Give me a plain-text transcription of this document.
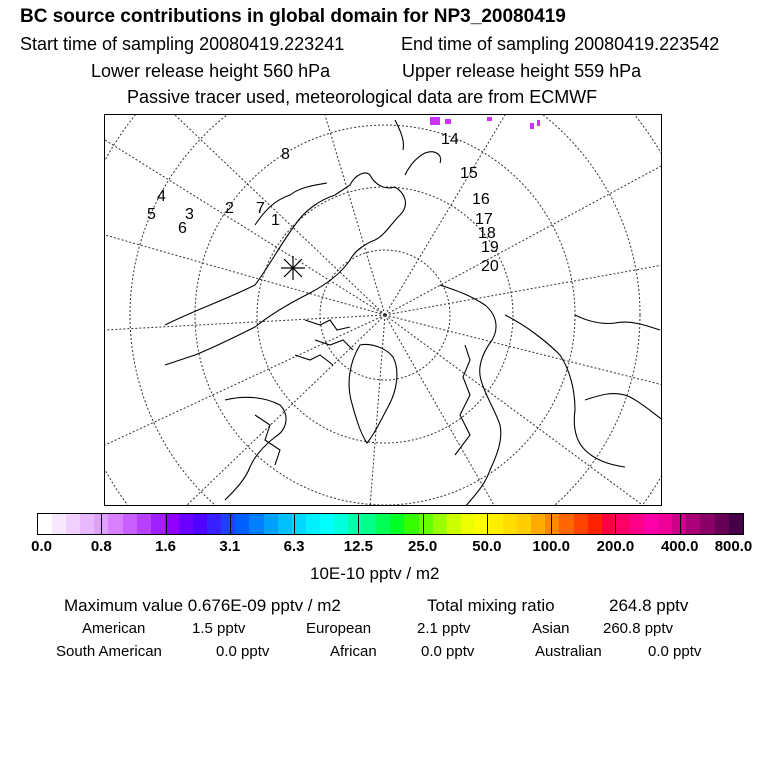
BC source contributions in global domain for NP3_20080419
Start time of sampling 20080419.223241	End time of sampling 20080419.223542
Lower release height 560 hPa	Upper release height 559 hPa
Passive tracer used, meteorological data are from ECMWF
1
2
3
4
5
6
7
8
14
15
16
17
18
19
20
0.0	0.8	1.6	3.1	6.3	12.5 25.0 50.0 100.0 200.0 400.0 800.0
10E-10 pptv / m2
Maximum value 0.676E-09 pptv / m2	Total mixing ratio	264.8 pptv
American	1.5 pptv	European	2.1 pptv	Asian 260.8 pptv
South American	0.0 pptv	African	0.0 pptv	Australian	0.0 pptv
